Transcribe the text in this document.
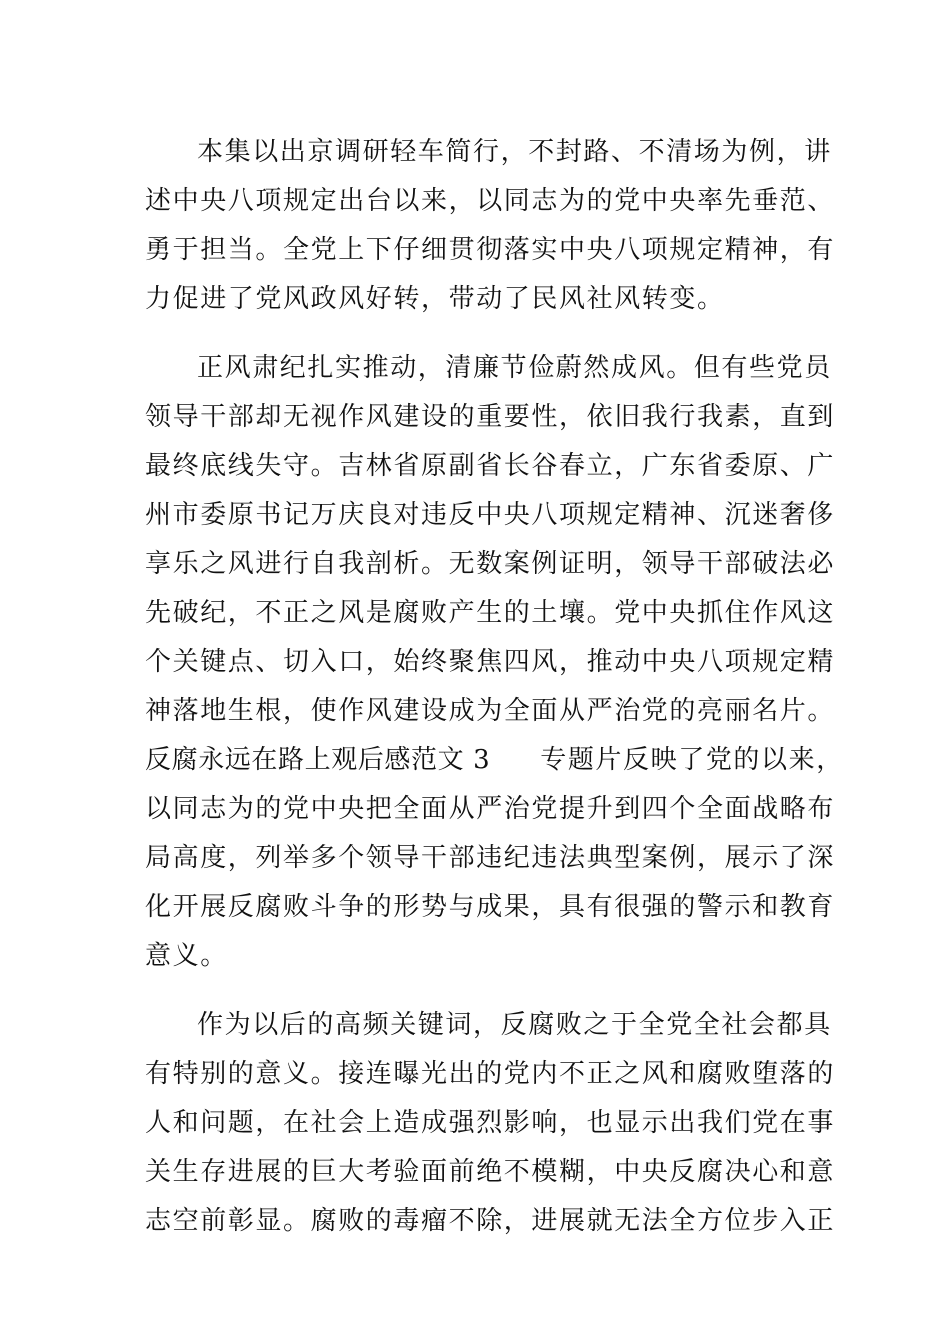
本集以出京调研轻车简行，不封路、不清场为例，讲
述中央八项规定出台以来，以同志为的党中央率先垂范、
勇于担当。全党上下仔细贯彻落实中央八项规定精神，有
力促进了党风政风好转，带动了民风社风转变。
正风肃纪扎实推动，清廉节俭蔚然成风。但有些党员
领导干部却无视作风建设的重要性，依旧我行我素，直到
最终底线失守。吉林省原副省长谷春立，广东省委原、广
州市委原书记万庆良对违反中央八项规定精神、沉迷奢侈
享乐之风进行自我剖析。无数案例证明，领导干部破法必
先破纪，不正之风是腐败产生的土壤。党中央抓住作风这
个关键点、切入口，始终聚焦四风，推动中央八项规定精
神落地生根，使作风建设成为全面从严治党的亮丽名片。
反腐永远在路上观后感范文 3 专题片反映了党的以来，
以同志为的党中央把全面从严治党提升到四个全面战略布
局高度，列举多个领导干部违纪违法典型案例，展示了深
化开展反腐败斗争的形势与成果，具有很强的警示和教育
意义。
作为以后的高频关键词，反腐败之于全党全社会都具
有特别的意义。接连曝光出的党内不正之风和腐败堕落的
人和问题，在社会上造成强烈影响，也显示出我们党在事
关生存进展的巨大考验面前绝不模糊，中央反腐决心和意
志空前彰显。腐败的毒瘤不除，进展就无法全方位步入正
